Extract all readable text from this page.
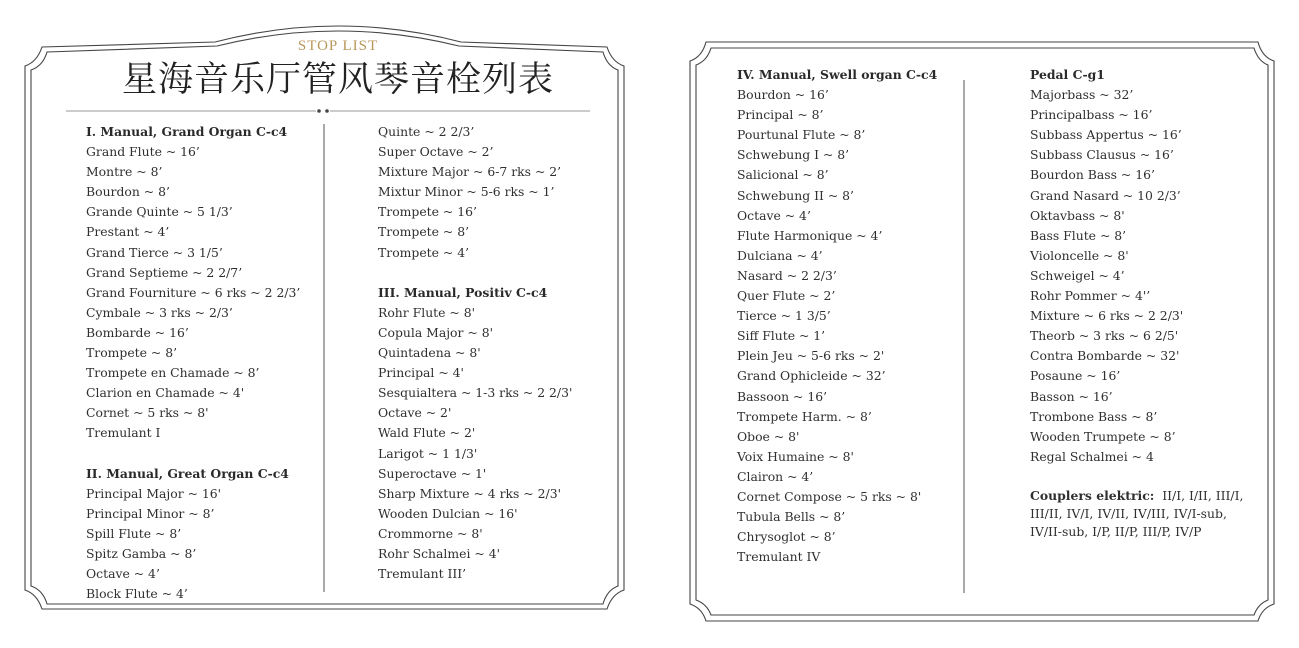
STOP LIST
星海音乐厅管风琴音栓列表
I. Manual, Grand Organ C-c4
Grand Flute ~ 16’
Montre ~ 8’
Bourdon ~ 8’
Grande Quinte ~ 5 1/3’
Prestant ~ 4’
Grand Tierce ~ 3 1/5’
Grand Septieme ~ 2 2/7’
Grand Fourniture ~ 6 rks ~ 2 2/3’
Cymbale ~ 3 rks ~ 2/3’
Bombarde ~ 16’
Trompete ~ 8’
Trompete en Chamade ~ 8’
Clarion en Chamade ~ 4'
Cornet ~ 5 rks ~ 8'
Tremulant I
II. Manual, Great Organ C-c4
Principal Major ~ 16'
Principal Minor ~ 8’
Spill Flute ~ 8’
Spitz Gamba ~ 8’
Octave ~ 4’
Block Flute ~ 4’
Quinte ~ 2 2/3’
Super Octave ~ 2’
Mixture Major ~ 6-7 rks ~ 2’
Mixtur Minor ~ 5-6 rks ~ 1’
Trompete ~ 16’
Trompete ~ 8’
Trompete ~ 4’
III. Manual, Positiv C-c4
Rohr Flute ~ 8'
Copula Major ~ 8'
Quintadena ~ 8'
Principal ~ 4'
Sesquialtera ~ 1-3 rks ~ 2 2/3'
Octave ~ 2'
Wald Flute ~ 2'
Larigot ~ 1 1/3'
Superoctave ~ 1'
Sharp Mixture ~ 4 rks ~ 2/3'
Wooden Dulcian ~ 16'
Crommorne ~ 8'
Rohr Schalmei ~ 4'
Tremulant III’
IV. Manual, Swell organ C-c4
Bourdon ~ 16’
Principal ~ 8’
Pourtunal Flute ~ 8’
Schwebung I ~ 8’
Salicional ~ 8’
Schwebung II ~ 8’
Octave ~ 4’
Flute Harmonique ~ 4’
Dulciana ~ 4’
Nasard ~ 2 2/3’
Quer Flute ~ 2’
Tierce ~ 1 3/5’
Siff Flute ~ 1’
Plein Jeu ~ 5-6 rks ~ 2'
Grand Ophicleide ~ 32’
Bassoon ~ 16’
Trompete Harm. ~ 8’
Oboe ~ 8'
Voix Humaine ~ 8'
Clairon ~ 4’
Cornet Compose ~ 5 rks ~ 8'
Tubula Bells ~ 8’
Chrysoglot ~ 8’
Tremulant IV
Pedal C-g1
Majorbass ~ 32’
Principalbass ~ 16’
Subbass Appertus ~ 16’
Subbass Clausus ~ 16’
Bourdon Bass ~ 16’
Grand Nasard ~ 10 2/3’
Oktavbass ~ 8'
Bass Flute ~ 8’
Violoncelle ~ 8'
Schweigel ~ 4’
Rohr Pommer ~ 4'’
Mixture ~ 6 rks ~ 2 2/3'
Theorb ~ 3 rks ~ 6 2/5'
Contra Bombarde ~ 32'
Posaune ~ 16’
Basson ~ 16’
Trombone Bass ~ 8’
Wooden Trumpete ~ 8’
Regal Schalmei ~ 4
Couplers elektric: II/I, I/II, III/I,
III/II, IV/I, IV/II, IV/III, IV/I-sub,
IV/II-sub, I/P, II/P, III/P, IV/P
